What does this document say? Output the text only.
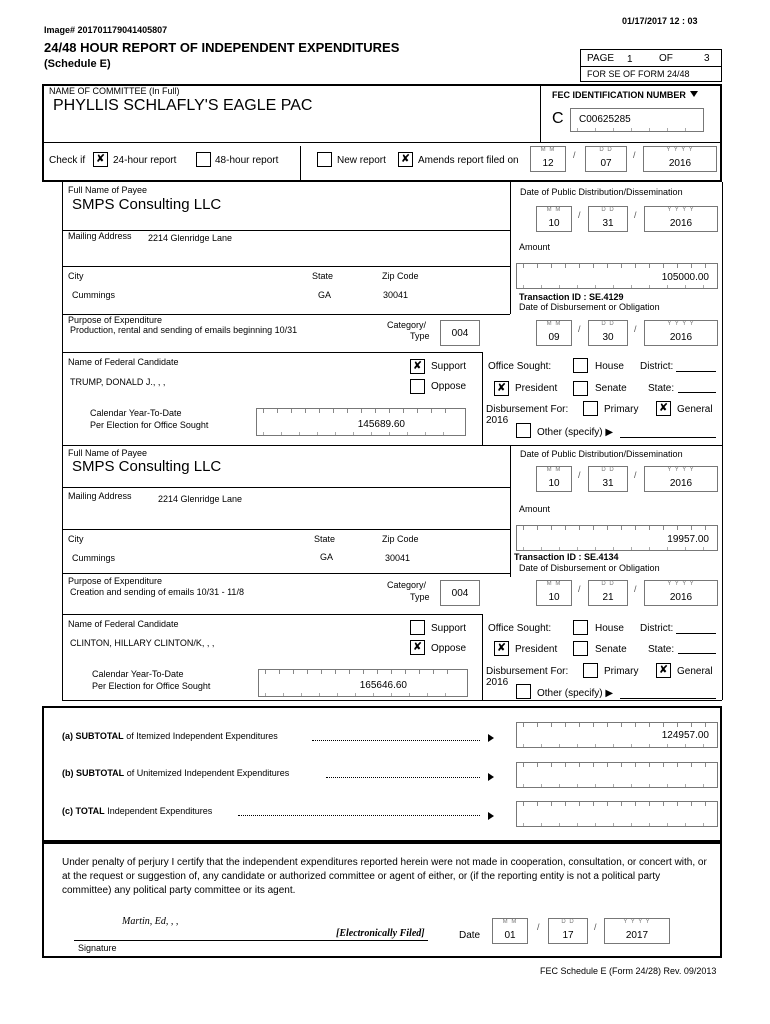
Image# 201701179041405807
01/17/2017 12 : 03
24/48 HOUR REPORT OF INDEPENDENT EXPENDITURES
(Schedule E)	PAGE 1	OF	3
FOR SE OF FORM 24/48
NAME OF COMMITTEE (In Full)
PHYLLIS SCHLAFLY'S EAGLE PAC
FEC IDENTIFICATION NUMBER
C C00625285
Check if ✘ 24-hour report	48-hour report	New report ✘ Amends report filed on
M M
12
/	D D
07
/	Y Y Y Y
2016
Full Name of Payee
SMPS Consulting LLC
Mailing Address 2214 Glenridge Lane
City	State	Zip Code
Cummings	GA	30041
Purpose of Expenditure
Production, rental and sending of emails beginning 10/31	Category/
Type	004
Name of Federal Candidate
TRUMP, DONALD J., , ,
✘ Support
Oppose
Calendar Year-To-Date
Per Election for Office Sought	145689.60
Office Sought:	House District:
✘ President	Senate State:
Disbursement For:
2016
Primary ✘ General
Other (specify) ▶
Date of Public Distribution/Dissemination
M M
10
/	D D
31
/	Y Y Y Y
2016
Amount
105000.00
Transaction ID : SE.4129
Date of Disbursement or Obligation
M M
09
/	D D
30
/	Y Y Y Y
2016
Full Name of Payee
SMPS Consulting LLC
Mailing Address	2214 Glenridge Lane
City	State	Zip Code
Cummings	GA	30041
Purpose of Expenditure
Creation and sending of emails 10/31 - 11/8
Category/
Type	004
Name of Federal Candidate
CLINTON, HILLARY CLINTON/K, , ,
Support
✘ Oppose
Calendar Year-To-Date
Per Election for Office Sought	165646.60
Office Sought:	House District:
✘ President	Senate State:
Disbursement For:
2016
Primary ✘ General
Other (specify) ▶
Date of Public Distribution/Dissemination
M M
10
/	D D
31
/	Y Y Y Y
2016
Amount
19957.00
Transaction ID : SE.4134
Date of Disbursement or Obligation
M M
10
/	D D
21
/	Y Y Y Y
2016
(a) SUBTOTAL of Itemized Independent Expenditures	124957.00
(b) SUBTOTAL of Unitemized Independent Expenditures
(c) TOTAL Independent Expenditures
Under penalty of perjury I certify that the independent expenditures reported herein were not made in cooperation, consultation, or concert with, or at the request or suggestion of, any candidate or authorized committee or agent of either, or (if the reporting entity is not a political party committee) any political party committee or its agent.
Martin, Ed, , ,
[Electronically Filed]
Signature
Date
M M
01
/	D D
17
/	Y Y Y Y
2017
FEC Schedule E (Form 24/28) Rev. 09/2013
